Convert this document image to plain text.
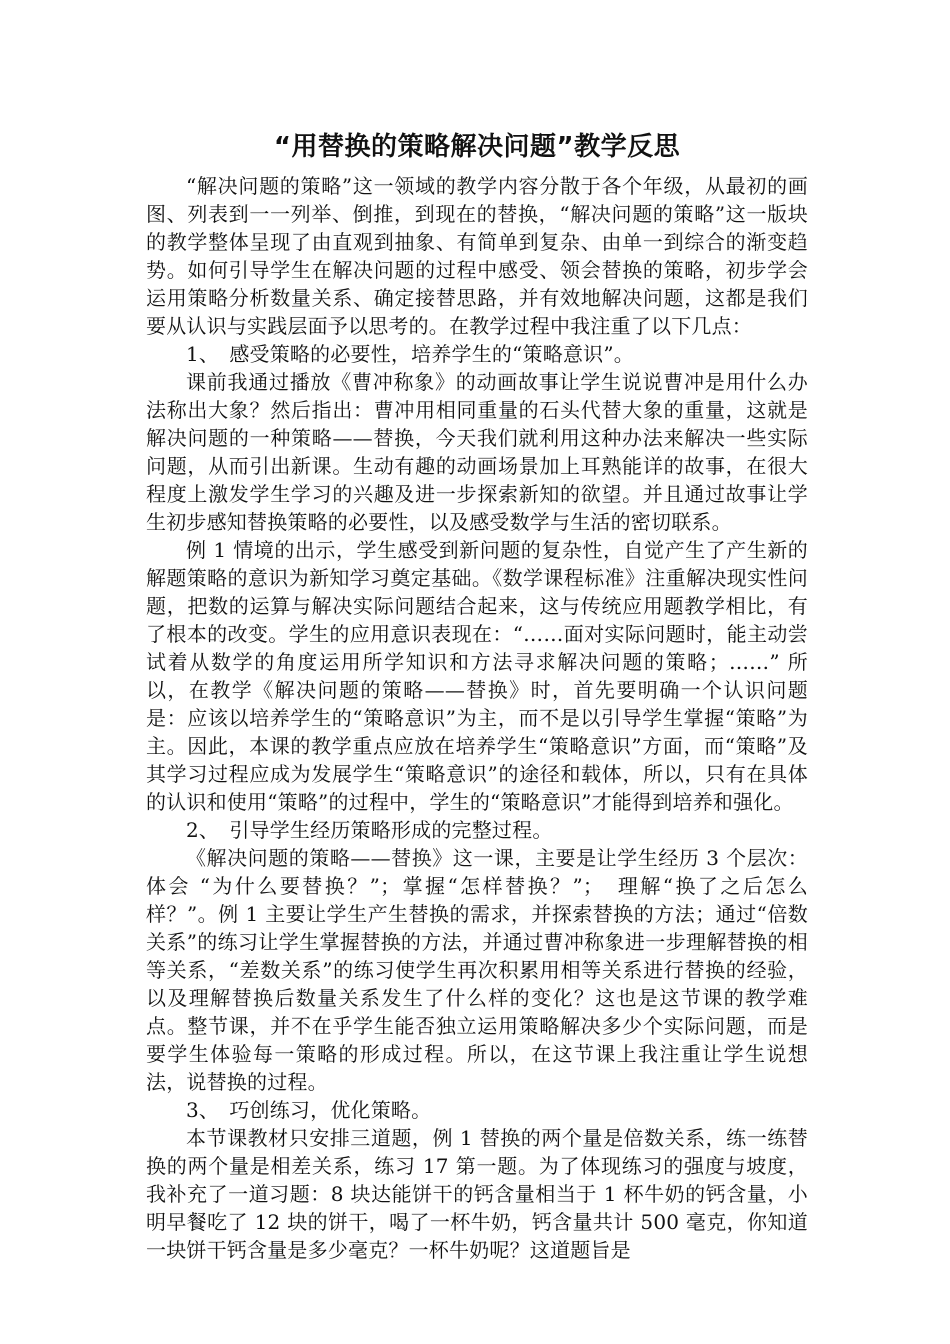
“用替换的策略解决问题”教学反思

“解决问题的策略”这一领域的教学内容分散于各个年级，从最初的画图、列表到一一列举、倒推，到现在的替换，“解决问题的策略”这一版块的教学整体呈现了由直观到抽象、有简单到复杂、由单一到综合的渐变趋势。如何引导学生在解决问题的过程中感受、领会替换的策略，初步学会运用策略分析数量关系、确定接替思路，并有效地解决问题，这都是我们要从认识与实践层面予以思考的。在教学过程中我注重了以下几点：

1、　感受策略的必要性，培养学生的“策略意识”。

课前我通过播放《曹冲称象》的动画故事让学生说说曹冲是用什么办法称出大象？然后指出：曹冲用相同重量的石头代替大象的重量，这就是解决问题的一种策略——替换，今天我们就利用这种办法来解决一些实际问题，从而引出新课。生动有趣的动画场景加上耳熟能详的故事，在很大程度上激发学生学习的兴趣及进一步探索新知的欲望。并且通过故事让学生初步感知替换策略的必要性，以及感受数学与生活的密切联系。

例 1 情境的出示，学生感受到新问题的复杂性，自觉产生了产生新的解题策略的意识为新知学习奠定基础。《数学课程标准》注重解决现实性问题，把数的运算与解决实际问题结合起来，这与传统应用题教学相比，有了根本的改变。学生的应用意识表现在：“……面对实际问题时，能主动尝试着从数学的角度运用所学知识和方法寻求解决问题的策略；……” 所以，在教学《解决问题的策略——替换》时，首先要明确一个认识问题是：应该以培养学生的“策略意识”为主，而不是以引导学生掌握“策略”为主。因此，本课的教学重点应放在培养学生“策略意识”方面，而“策略”及其学习过程应成为发展学生“策略意识”的途径和载体，所以，只有在具体的认识和使用“策略”的过程中，学生的“策略意识”才能得到培养和强化。

2、　引导学生经历策略形成的完整过程。

《解决问题的策略——替换》这一课，主要是让学生经历 3 个层次：体会 “为什么要替换？”；掌握“怎样替换？”；　理解“换了之后怎么样？”。例 1 主要让学生产生替换的需求，并探索替换的方法；通过“倍数关系”的练习让学生掌握替换的方法，并通过曹冲称象进一步理解替换的相等关系，“差数关系”的练习使学生再次积累用相等关系进行替换的经验，以及理解替换后数量关系发生了什么样的变化？这也是这节课的教学难点。整节课，并不在乎学生能否独立运用策略解决多少个实际问题，而是要学生体验每一策略的形成过程。所以，在这节课上我注重让学生说想法，说替换的过程。

3、　巧创练习，优化策略。

本节课教材只安排三道题，例 1 替换的两个量是倍数关系，练一练替换的两个量是相差关系，练习 17 第一题。为了体现练习的强度与坡度，我补充了一道习题：8 块达能饼干的钙含量相当于 1 杯牛奶的钙含量，小明早餐吃了 12 块的饼干，喝了一杯牛奶，钙含量共计 500 毫克，你知道一块饼干钙含量是多少毫克？一杯牛奶呢？这道题旨是
